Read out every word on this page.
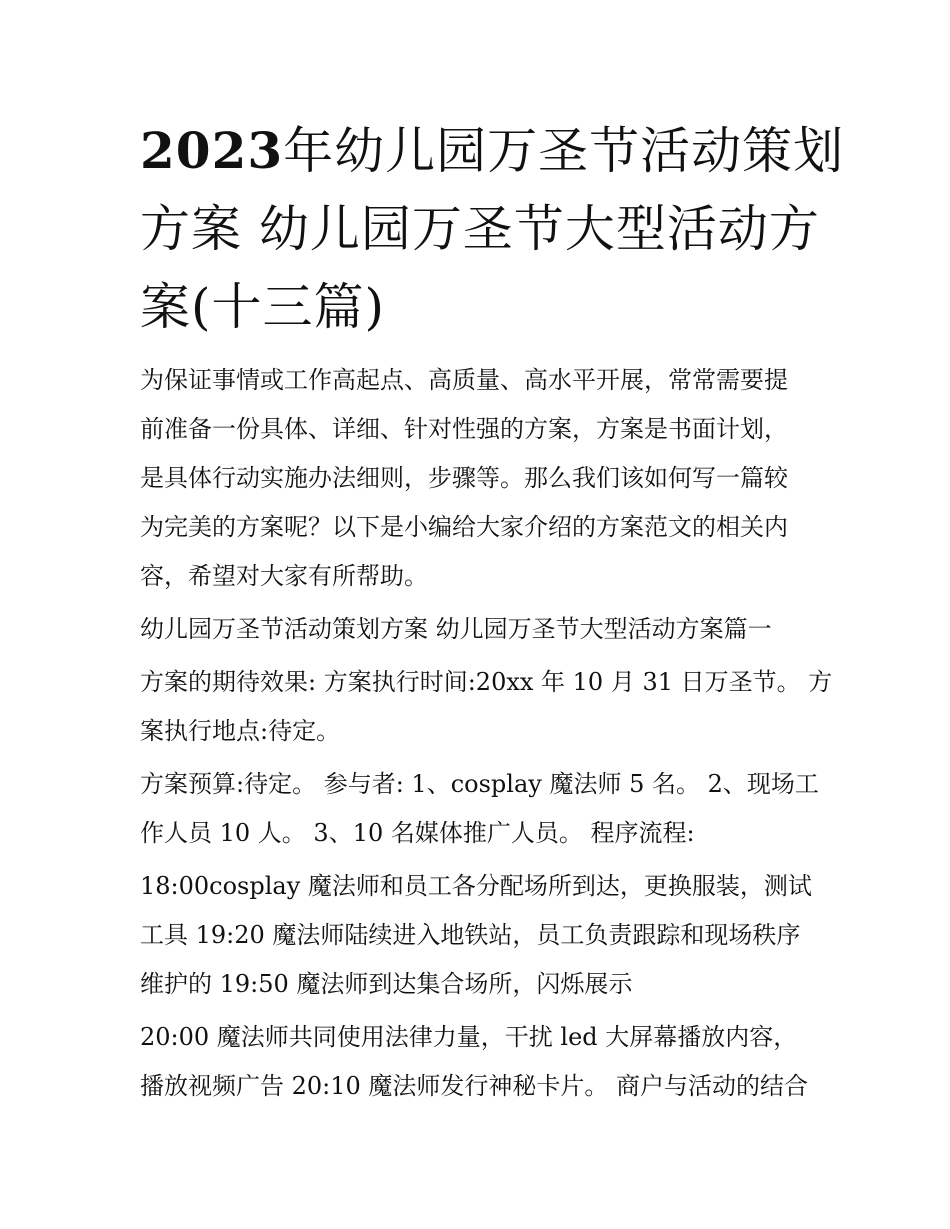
2023年幼儿园万圣节活动策划
方案 幼儿园万圣节大型活动方
案(十三篇)

为保证事情或工作高起点、高质量、高水平开展，常常需要提
前准备一份具体、详细、针对性强的方案，方案是书面计划，
是具体行动实施办法细则，步骤等。那么我们该如何写一篇较
为完美的方案呢？以下是小编给大家介绍的方案范文的相关内
容，希望对大家有所帮助。

幼儿园万圣节活动策划方案 幼儿园万圣节大型活动方案篇一

方案的期待效果: 方案执行时间:20xx 年 10 月 31 日万圣节。 方
案执行地点:待定。

方案预算:待定。 参与者: 1、cosplay 魔法师 5 名。 2、现场工
作人员 10 人。 3、10 名媒体推广人员。 程序流程:

18:00cosplay 魔法师和员工各分配场所到达，更换服装，测试
工具 19:20 魔法师陆续进入地铁站，员工负责跟踪和现场秩序
维护的 19:50 魔法师到达集合场所，闪烁展示

20:00 魔法师共同使用法律力量，干扰 led 大屏幕播放内容，
播放视频广告 20:10 魔法师发行神秘卡片。 商户与活动的结合
